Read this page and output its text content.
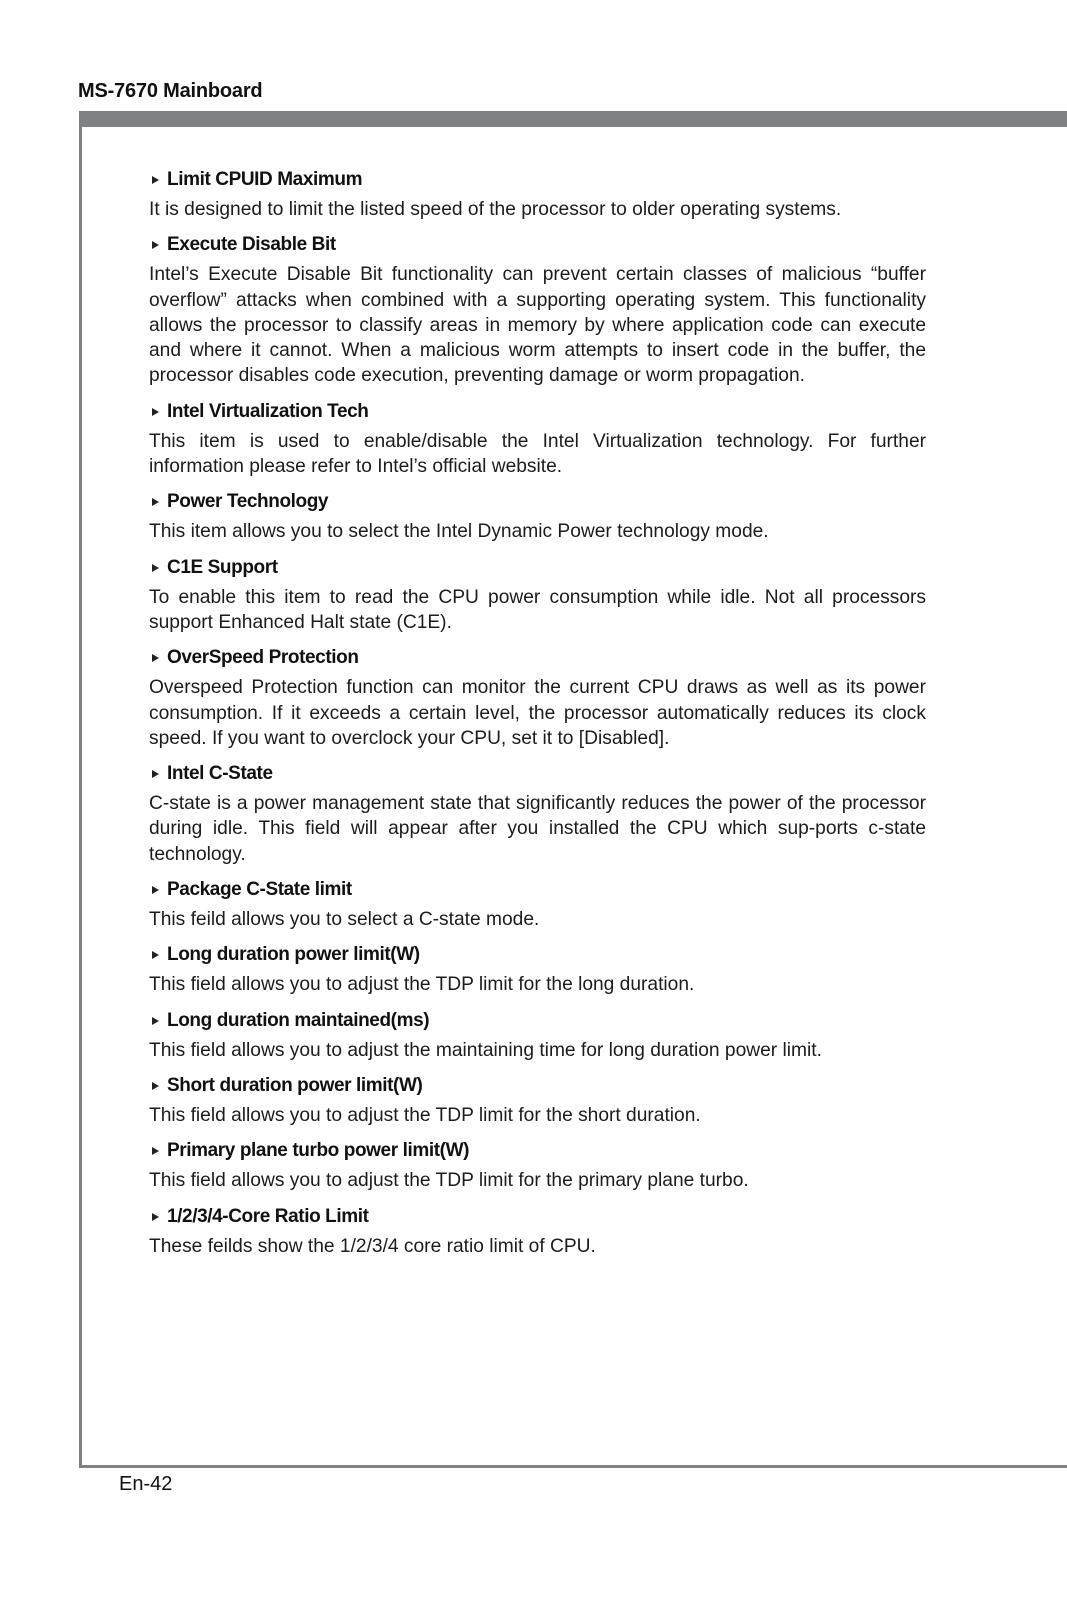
MS-7670 Mainboard
Limit CPUID Maximum

It is designed to limit the listed speed of the processor to older operating systems.

Execute Disable Bit

Intel’s Execute Disable Bit functionality can prevent certain classes of malicious “buffer overflow” attacks when combined with a supporting operating system. This functionality allows the processor to classify areas in memory by where application code can execute and where it cannot. When a malicious worm attempts to insert code in the buffer, the processor disables code execution, preventing damage or worm propagation.

Intel Virtualization Tech

This item is used to enable/disable the Intel Virtualization technology. For further information please refer to Intel’s official website.

Power Technology

This item allows you to select the Intel Dynamic Power technology mode.

C1E Support

To enable this item to read the CPU power consumption while idle. Not all processors support Enhanced Halt state (C1E).

OverSpeed Protection

Overspeed Protection function can monitor the current CPU draws as well as its power consumption. If it exceeds a certain level, the processor automatically reduces its clock speed. If you want to overclock your CPU, set it to [Disabled].

Intel C-State

C-state is a power management state that significantly reduces the power of the processor during idle. This field will appear after you installed the CPU which sup-ports c-state technology.

Package C-State limit

This feild allows you to select a C-state mode.

Long duration power limit(W)

This field allows you to adjust the TDP limit for the long duration.

Long duration maintained(ms)

This field allows you to adjust the maintaining time for long duration power limit.

Short duration power limit(W)

This field allows you to adjust the TDP limit for the short duration.

Primary plane turbo power limit(W)

This field allows you to adjust the TDP limit for the primary plane turbo.

1/2/3/4-Core Ratio Limit

These feilds show the 1/2/3/4 core ratio limit of CPU.

En-42
